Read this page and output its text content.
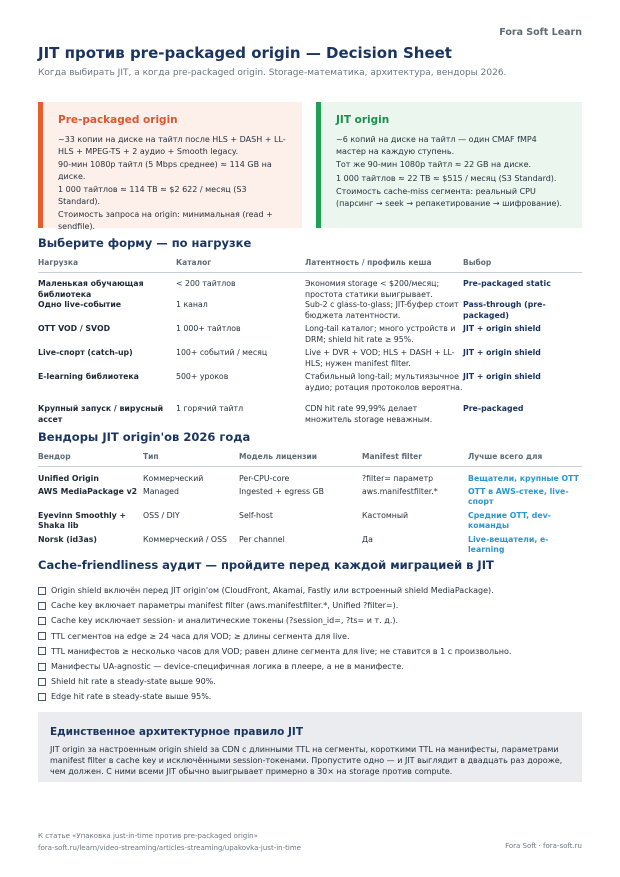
Fora Soft Learn
JIT против pre-packaged origin — Decision Sheet
Когда выбирать JIT, а когда pre-packaged origin. Storage-математика, архитектура, вендоры 2026.
Pre-packaged origin

~33 копии на диске на тайтл после HLS + DASH + LL-HLS + MPEG-TS + 2 аудио + Smooth legacy.

90-мин 1080p тайтл (5 Mbps среднее) ≈ 114 GB на диске.

1 000 тайтлов ≈ 114 TB ≈ $2 622 / месяц (S3 Standard).

Стоимость запроса на origin: минимальная (read + sendfile).

JIT origin

~6 копий на диске на тайтл — один CMAF fMP4 мастер на каждую ступень.

Тот же 90-мин 1080p тайтл ≈ 22 GB на диске.

1 000 тайтлов ≈ 22 TB ≈ $515 / месяц (S3 Standard).

Стоимость cache-miss сегмента: реальный CPU (парсинг → seek → репакетирование → шифрование).

Выберите форму — по нагрузке
Нагрузка	Каталог	Латентность / профиль кеша	Выбор
Маленькая обучающая библиотека	< 200 тайтлов	Экономия storage < $200/месяц; простота статики выигрывает.	Pre-packaged static
Одно live-событие	1 канал	Sub-2 с glass-to-glass; JIT-буфер стоит бюджета латентности.	Pass-through (pre-packaged)
OTT VOD / SVOD	1 000+ тайтлов	Long-tail каталог; много устройств и DRM; shield hit rate ≥ 95%.	JIT + origin shield
Live-спорт (catch-up)	100+ событий / месяц	Live + DVR + VOD; HLS + DASH + LL-HLS; нужен manifest filter.	JIT + origin shield
E-learning библиотека	500+ уроков	Стабильный long-tail; мультиязычное аудио; ротация протоколов вероятна.	JIT + origin shield
Крупный запуск / вирусный ассет	1 горячий тайтл	CDN hit rate 99,99% делает множитель storage неважным.	Pre-packaged
Вендоры JIT origin'ов 2026 года
Вендор	Тип	Модель лицензии	Manifest filter	Лучше всего для
Unified Origin	Коммерческий	Per-CPU-core	?filter= параметр	Вещатели, крупные OTT
AWS MediaPackage v2	Managed	Ingested + egress GB	aws.manifestfilter.*	OTT в AWS-стеке, live-спорт
Eyevinn Smoothly + Shaka lib	OSS / DIY	Self-host	Кастомный	Средние OTT, dev-команды
Norsk (id3as)	Коммерческий / OSS	Per channel	Да	Live-вещатели, e-learning
Cache-friendliness аудит — пройдите перед каждой миграцией в JIT
Origin shield включён перед JIT origin'ом (CloudFront, Akamai, Fastly или встроенный shield MediaPackage).
Cache key включает параметры manifest filter (aws.manifestfilter.*, Unified ?filter=).
Cache key исключает session- и аналитические токены (?session_id=, ?ts= и т. д.).
TTL сегментов на edge ≥ 24 часа для VOD; ≥ длины сегмента для live.
TTL манифестов ≥ несколько часов для VOD; равен длине сегмента для live; не ставится в 1 с произвольно.
Манифесты UA-agnostic — device-специфичная логика в плеере, а не в манифесте.
Shield hit rate в steady-state выше 90%.
Edge hit rate в steady-state выше 95%.
Единственное архитектурное правило JIT

JIT origin за настроенным origin shield за CDN с длинными TTL на сегменты, короткими TTL на манифесты, параметрами manifest filter в cache key и исключёнными session-токенами. Пропустите одно — и JIT выглядит в двадцать раз дороже, чем должен. С ними всеми JIT обычно выигрывает примерно в 30× на storage против compute.

К статье «Упаковка just-in-time против pre-packaged origin»
fora-soft.ru/learn/video-streaming/articles-streaming/upakovka-just-in-time	Fora Soft · fora-soft.ru
